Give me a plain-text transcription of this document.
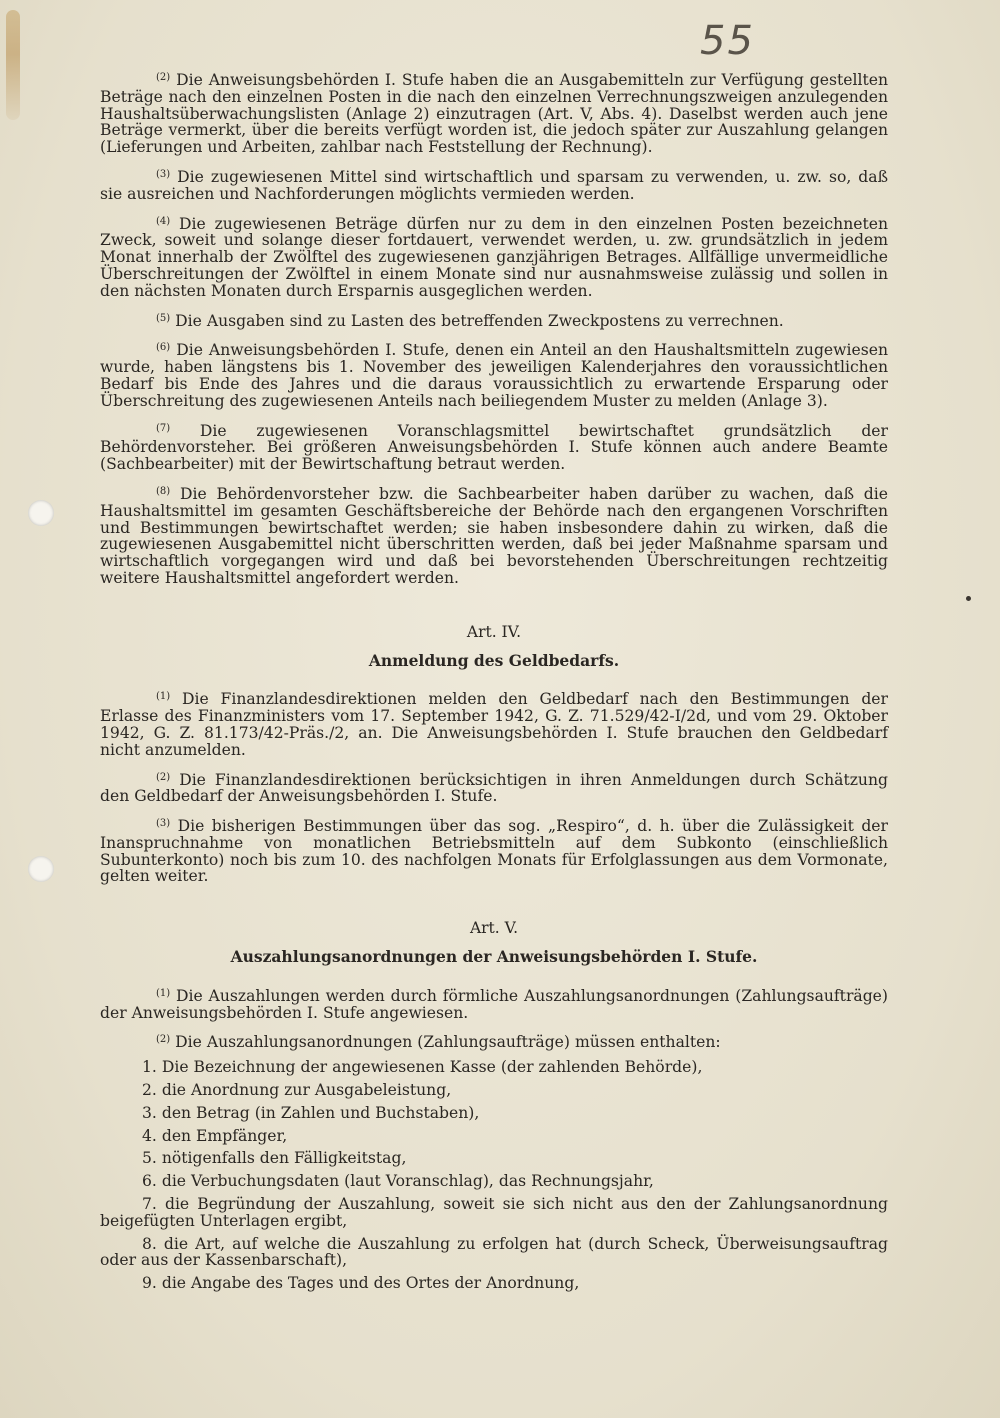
55

$^{(2)}$ Die Anweisungsbehörden I. Stufe haben die an Ausgabemitteln zur Verfügung gestellten Beträge nach den einzelnen Posten in die nach den einzelnen Verrechnungszweigen anzulegenden Haushaltsüberwachungslisten (Anlage 2) einzutragen (Art. V, Abs. 4). Daselbst werden auch jene Beträge vermerkt, über die bereits verfügt worden ist, die jedoch später zur Auszahlung gelangen (Lieferungen und Arbeiten, zahlbar nach Feststellung der Rechnung).

$^{(3)}$ Die zugewiesenen Mittel sind wirtschaftlich und sparsam zu verwenden, u. zw. so, daß sie ausreichen und Nachforderungen möglichts vermieden werden.

$^{(4)}$ Die zugewiesenen Beträge dürfen nur zu dem in den einzelnen Posten bezeichneten Zweck, soweit und solange dieser fortdauert, verwendet werden, u. zw. grundsätzlich in jedem Monat innerhalb der Zwölftel des zugewiesenen ganzjährigen Betrages. Allfällige unvermeidliche Überschreitungen der Zwölftel in einem Monate sind nur ausnahmsweise zulässig und sollen in den nächsten Monaten durch Ersparnis ausgeglichen werden.

$^{(5)}$ Die Ausgaben sind zu Lasten des betreffenden Zweckpostens zu verrechnen.

$^{(6)}$ Die Anweisungsbehörden I. Stufe, denen ein Anteil an den Haushaltsmitteln zugewiesen wurde, haben längstens bis 1. November des jeweiligen Kalenderjahres den voraussichtlichen Bedarf bis Ende des Jahres und die daraus voraussichtlich zu erwartende Ersparung oder Überschreitung des zugewiesenen Anteils nach beiliegendem Muster zu melden (Anlage 3).

$^{(7)}$ Die zugewiesenen Voranschlagsmittel bewirtschaftet grundsätzlich der Behördenvorsteher. Bei größeren Anweisungsbehörden I. Stufe können auch andere Beamte (Sachbearbeiter) mit der Bewirtschaftung betraut werden.

$^{(8)}$ Die Behördenvorsteher bzw. die Sachbearbeiter haben darüber zu wachen, daß die Haushaltsmittel im gesamten Geschäftsbereiche der Behörde nach den ergangenen Vorschriften und Bestimmungen bewirtschaftet werden; sie haben insbesondere dahin zu wirken, daß die zugewiesenen Ausgabemittel nicht überschritten werden, daß bei jeder Maßnahme sparsam und wirtschaftlich vorgegangen wird und daß bei bevorstehenden Überschreitungen rechtzeitig weitere Haushaltsmittel angefordert werden.

Art. IV.
Anmeldung des Geldbedarfs.

$^{(1)}$ Die Finanzlandesdirektionen melden den Geldbedarf nach den Bestimmungen der Erlasse des Finanzministers vom 17. September 1942, G. Z. 71.529/42-I/2d, und vom 29. Oktober 1942, G. Z. 81.173/42-Präs./2, an. Die Anweisungsbehörden I. Stufe brauchen den Geldbedarf nicht anzumelden.

$^{(2)}$ Die Finanzlandesdirektionen berücksichtigen in ihren Anmeldungen durch Schätzung den Geldbedarf der Anweisungsbehörden I. Stufe.

$^{(3)}$ Die bisherigen Bestimmungen über das sog. „Respiro“, d. h. über die Zulässigkeit der Inanspruchnahme von monatlichen Betriebsmitteln auf dem Subkonto (einschließlich Subunterkonto) noch bis zum 10. des nachfolgen Monats für Erfolglassungen aus dem Vormonate, gelten weiter.

Art. V.
Auszahlungsanordnungen der Anweisungsbehörden I. Stufe.

$^{(1)}$ Die Auszahlungen werden durch förmliche Auszahlungsanordnungen (Zahlungsaufträge) der Anweisungsbehörden I. Stufe angewiesen.

$^{(2)}$ Die Auszahlungsanordnungen (Zahlungsaufträge) müssen enthalten:

1. Die Bezeichnung der angewiesenen Kasse (der zahlenden Behörde),
2. die Anordnung zur Ausgabeleistung,
3. den Betrag (in Zahlen und Buchstaben),
4. den Empfänger,
5. nötigenfalls den Fälligkeitstag,
6. die Verbuchungsdaten (laut Voranschlag), das Rechnungsjahr,
7. die Begründung der Auszahlung, soweit sie sich nicht aus den der Zahlungsanordnung beigefügten Unterlagen ergibt,
8. die Art, auf welche die Auszahlung zu erfolgen hat (durch Scheck, Überweisungsauftrag oder aus der Kassenbarschaft),
9. die Angabe des Tages und des Ortes der Anordnung,
